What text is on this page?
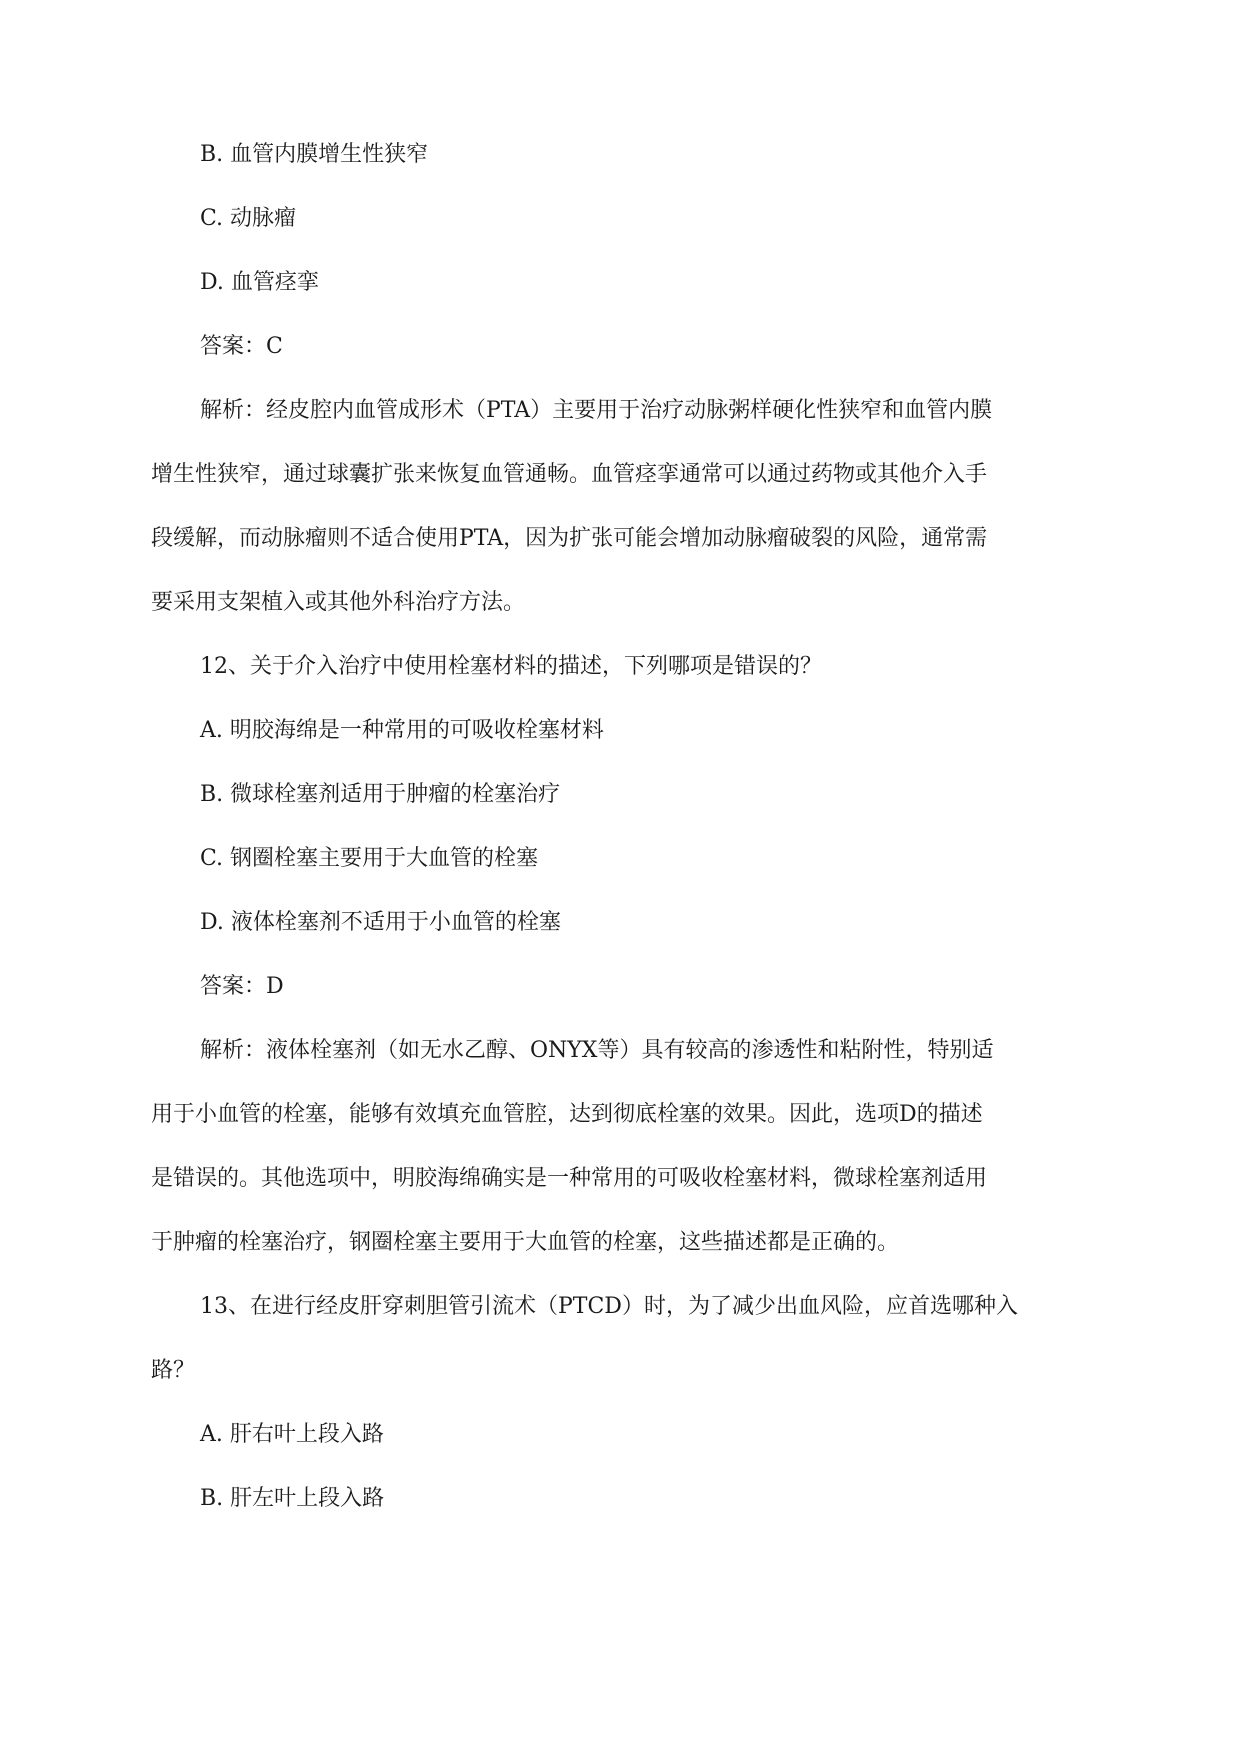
B. 血管内膜增生性狭窄

C. 动脉瘤

D. 血管痉挛

答案：C

解析：经皮腔内血管成形术（PTA）主要用于治疗动脉粥样硬化性狭窄和血管内膜

增生性狭窄，通过球囊扩张来恢复血管通畅。血管痉挛通常可以通过药物或其他介入手

段缓解，而动脉瘤则不适合使用PTA，因为扩张可能会增加动脉瘤破裂的风险，通常需

要采用支架植入或其他外科治疗方法。

12、关于介入治疗中使用栓塞材料的描述，下列哪项是错误的？

A. 明胶海绵是一种常用的可吸收栓塞材料

B. 微球栓塞剂适用于肿瘤的栓塞治疗

C. 钢圈栓塞主要用于大血管的栓塞

D. 液体栓塞剂不适用于小血管的栓塞

答案：D

解析：液体栓塞剂（如无水乙醇、ONYX等）具有较高的渗透性和粘附性，特别适

用于小血管的栓塞，能够有效填充血管腔，达到彻底栓塞的效果。因此，选项D的描述

是错误的。其他选项中，明胶海绵确实是一种常用的可吸收栓塞材料，微球栓塞剂适用

于肿瘤的栓塞治疗，钢圈栓塞主要用于大血管的栓塞，这些描述都是正确的。

13、在进行经皮肝穿刺胆管引流术（PTCD）时，为了减少出血风险，应首选哪种入

路？

A. 肝右叶上段入路

B. 肝左叶上段入路
